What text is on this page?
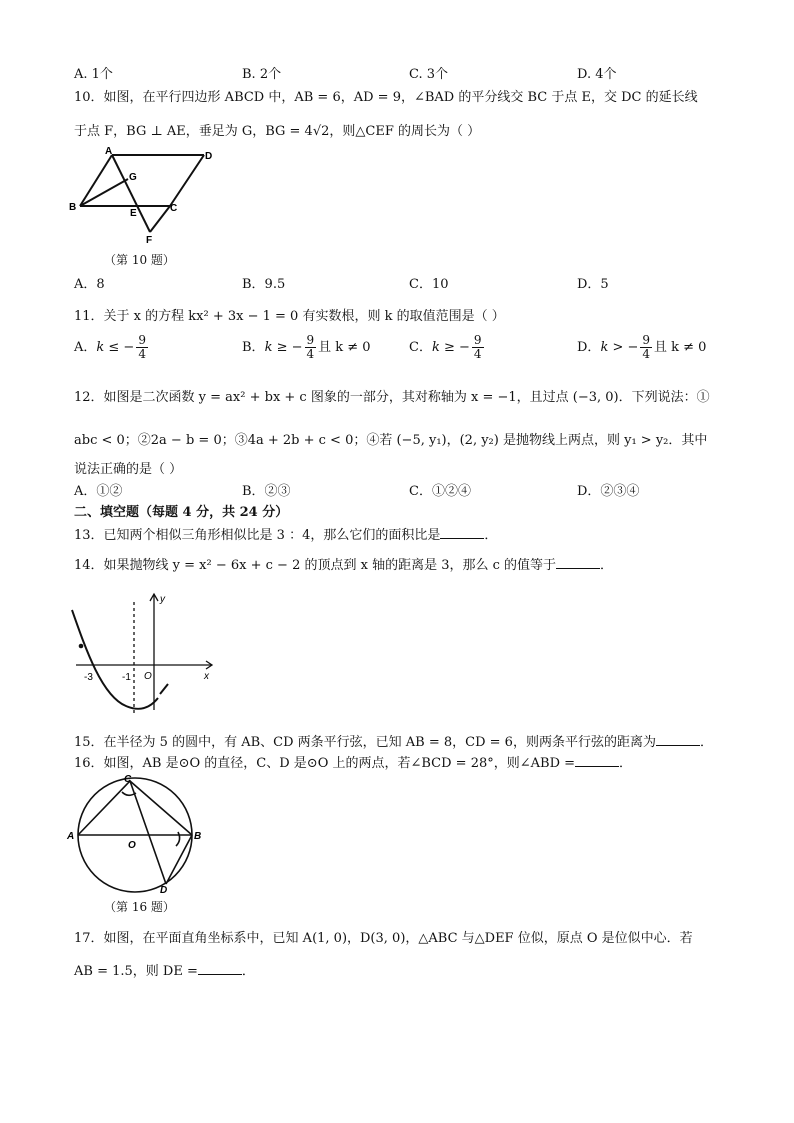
A. 1个	B. 2个	C. 3个	D. 4个
10．如图，在平行四边形 ABCD 中，AB = 6，AD = 9，∠BAD 的平分线交 BC 于点 E，交 DC 的延长线
于点 F，BG ⊥ AE，垂足为 G，BG = 4√2，则△CEF 的周长为（ ）
A	D
G
B
E	C
F
（第 10 题）
A．8	B．9.5	C．10	D．5
11．关于 x 的方程 kx² + 3x − 1 = 0 有实数根，则 k 的取值范围是（ ）
A．k ≤ − $\frac{9}{4}$	B．k ≥ − $\frac{9}{4}$ 且 k ≠ 0	C．k ≥ − $\frac{9}{4}$	D．k > − $\frac{9}{4}$ 且 k ≠ 0
12．如图是二次函数 y = ax² + bx + c 图象的一部分，其对称轴为 x = −1，且过点 (−3, 0)．下列说法：①
abc < 0；②2a − b = 0；③4a + 2b + c < 0；④若 (−5, y₁)，(2, y₂) 是抛物线上两点，则 y₁ > y₂．其中
说法正确的是（ ）
A．①②	B．②③	C．①②④	D．②③④
二、填空题（每题 4 分，共 24 分）
13．已知两个相似三角形相似比是 3 ：4，那么它们的面积比是	．
14．如果抛物线 y = x² − 6x + c − 2 的顶点到 x 轴的距离是 3，那么 c 的值等于	．
y
x
O
-3	-1
15．在半径为 5 的圆中，有 AB、CD 两条平行弦，已知 AB = 8，CD = 6，则两条平行弦的距离为	．
16．如图，AB 是⊙O 的直径，C、D 是⊙O 上的两点，若∠BCD = 28°，则∠ABD =	．
C
A	B
O
D
（第 16 题）
17．如图，在平面直角坐标系中，已知 A(1, 0)，D(3, 0)，△ABC 与△DEF 位似，原点 O 是位似中心．若
AB = 1.5，则 DE =	．
